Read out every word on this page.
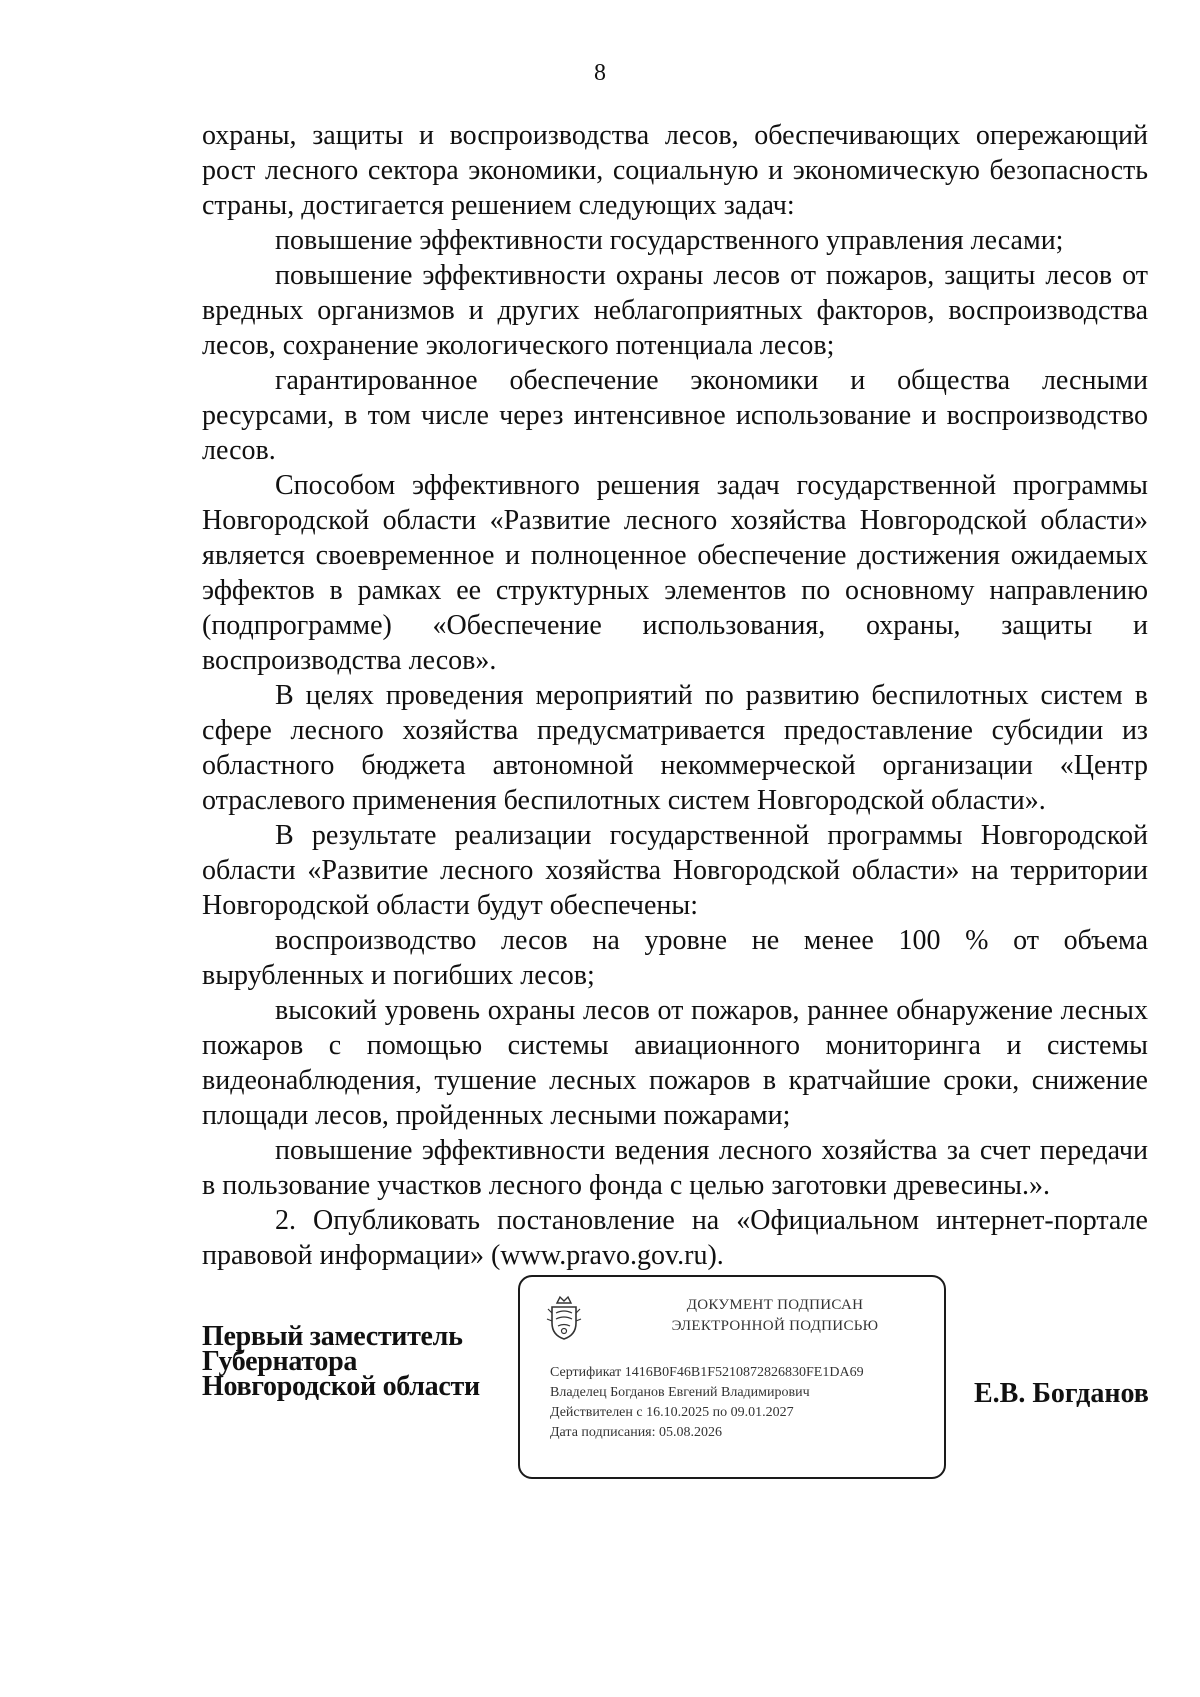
8

охраны, защиты и воспроизводства лесов, обеспечивающих опережающий рост лесного сектора экономики, социальную и экономическую безопасность страны, достигается решением следующих задач:

повышение эффективности государственного управления лесами;

повышение эффективности охраны лесов от пожаров, защиты лесов от вредных организмов и других неблагоприятных факторов, воспроизводства лесов, сохранение экологического потенциала лесов;

гарантированное обеспечение экономики и общества лесными ресурсами, в том числе через интенсивное использование и воспроизводство лесов.

Способом эффективного решения задач государственной программы Новгородской области «Развитие лесного хозяйства Новгородской области» является своевременное и полноценное обеспечение достижения ожидаемых эффектов в рамках ее структурных элементов по основному направлению (подпрограмме) «Обеспечение использования, охраны, защиты и воспроизводства лесов».

В целях проведения мероприятий по развитию беспилотных систем в сфере лесного хозяйства предусматривается предоставление субсидии из областного бюджета автономной некоммерческой организации «Центр отраслевого применения беспилотных систем Новгородской области».

В результате реализации государственной программы Новгородской области «Развитие лесного хозяйства Новгородской области» на территории Новгородской области будут обеспечены:

воспроизводство лесов на уровне не менее 100 % от объема вырубленных и погибших лесов;

высокий уровень охраны лесов от пожаров, раннее обнаружение лесных пожаров с помощью системы авиационного мониторинга и системы видеонаблюдения, тушение лесных пожаров в кратчайшие сроки, снижение площади лесов, пройденных лесными пожарами;

повышение эффективности ведения лесного хозяйства за счет передачи в пользование участков лесного фонда с целью заготовки древесины.».

2. Опубликовать постановление на «Официальном интернет-портале правовой информации» (www.pravo.gov.ru).

Первый заместитель
Губернатора
Новгородской области
ДОКУМЕНТ ПОДПИСАН
ЭЛЕКТРОННОЙ ПОДПИСЬЮ
Сертификат 1416B0F46B1F5210872826830FE1DA69
Владелец Богданов Евгений Владимирович
Действителен с 16.10.2025 по 09.01.2027
Дата подписания: 05.08.2026
Е.В. Богданов
